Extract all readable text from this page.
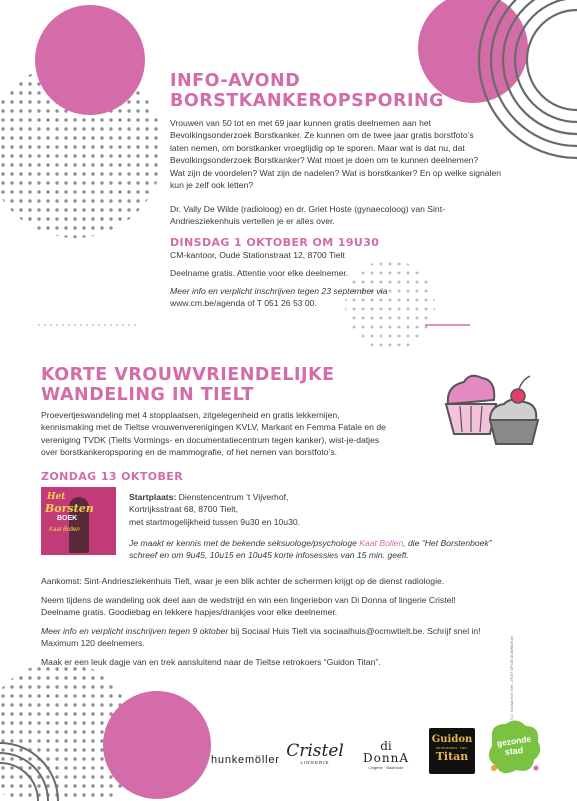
INFO-AVOND
BORSTKANKEROPSPORING
Vrouwen van 50 tot en met 69 jaar kunnen gratis deelnemen aan het
Bevolkingsonderzoek Borstkanker. Ze kunnen om de twee jaar gratis borstfoto’s
laten nemen, om borstkanker vroegtijdig op te sporen. Maar wat is dat nu, dat
Bevolkingsonderzoek Borstkanker? Wat moet je doen om te kunnen deelnemen?
Wat zijn de voordelen? Wat zijn de nadelen? Wat is borstkanker? En op welke signalen
kun je zelf ook letten?
Dr. Vally De Wilde (radioloog) en dr. Griet Hoste (gynaecoloog) van Sint-
Andriesziekenhuis vertellen je er alles over.
DINSDAG 1 OKTOBER OM 19U30
CM-kantoor, Oude Stationstraat 12, 8700 Tielt
Deelname gratis. Attentie voor elke deelnemer.
Meer info en verplicht inschrijven tegen 23 september via
www.cm.be/agenda of T 051 26 53 00.
KORTE VROUWVRIENDELIJKE
WANDELING IN TIELT
Proevertjeswandeling met 4 stopplaatsen, zitgelegenheid en gratis lekkernijen,
kennismaking met de Tieltse vrouwenverenigingen KVLV, Markant en Femma Fatale en de
vereniging TVDK (Tielts Vormings- en documentatiecentrum tegen kanker), wist-je-datjes
over borstkankeropsporing en de mammografie, of het nemen van borstfoto’s.
ZONDAG 13 OKTOBER
Het
Borsten
BOEK
Kaat Bollen
Startplaats: Dienstencentrum ’t Vijverhof,
Kortrijksstraat 68, 8700 Tielt,
met startmogelijkheid tussen 9u30 en 10u30.
Je maakt er kennis met de bekende seksuologe/psychologe Kaat Bollen, die “Het Borstenboek”
schreef en om 9u45, 10u15 en 10u45 korte infosessies van 15 min. geeft.
Aankomst: Sint-Andriesziekenhuis Tielt, waar je een blik achter de schermen krijgt op de dienst radiologie.
Neem tijdens de wandeling ook deel aan de wedstrijd en win een lingeriebon van Di Donna of lingerie Cristel!
Deelname gratis. Goodiebag en lekkere hapjes/drankjes voor elke deelnemer.
Meer info en verplicht inschrijven tegen 9 oktober bij Sociaal Huis Tielt via sociaalhuis@ocmwtielt.be. Schrijf snel in!
Maximum 120 deelnemers.
Maak er een leuk dagje van en trek aansluitend naar de Tieltse retrokoers “Guidon Titan”.	V.U. Sociaal Huis Tielt – PAST OP DE OCMWtielt.be
hunkemöller Cristel
LINGERIE
di
DonnA
Lingerie · Badmode
Guidon
RETROKOERS · TIELT
Titan
gezonde
stad
